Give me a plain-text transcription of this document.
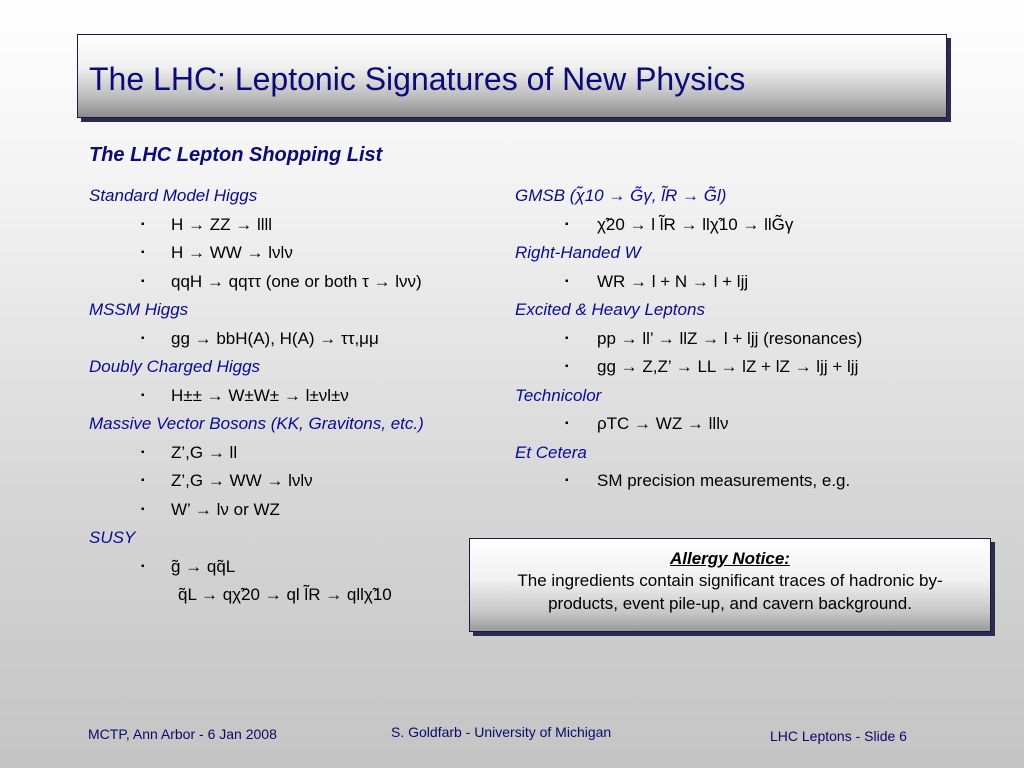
The LHC: Leptonic Signatures of New Physics
The LHC Lepton Shopping List
Standard Model Higgs
▪ H → ZZ → llll
▪ H → WW → lνlν
▪ qqH → qqττ (one or both τ → lνν)
MSSM Higgs
▪ gg → bbH(A), H(A) → ττ,μμ
Doubly Charged Higgs
▪ H±± → W±W± → l±νl±ν
Massive Vector Bosons (KK, Gravitons, etc.)
▪ Z’,G → ll
▪ Z’,G → WW → lνlν
▪ W’ → lν or WZ
SUSY
▪ g̃ → qq̃L
q̃L → qχ̃20 → ql l̃R → qllχ̃10
GMSB (χ̃10 → G̃γ, l̃R → G̃l)
▪ χ̃20 → l l̃R → llχ̃10 → llG̃γ
Right-Handed W
▪ WR → l + N → l + ljj
Excited & Heavy Leptons
▪ pp → ll’ → llZ → l + ljj (resonances)
▪ gg → Z,Z’ → LL → lZ + lZ → ljj + ljj
Technicolor
▪ ρTC → WZ → lllν
Et Cetera
▪ SM precision measurements, e.g.
Allergy Notice:
The ingredients contain significant traces of hadronic by-
products, event pile-up, and cavern background.
MCTP, Ann Arbor - 6 Jan 2008	S. Goldfarb - University of Michigan	LHC Leptons - Slide 6
